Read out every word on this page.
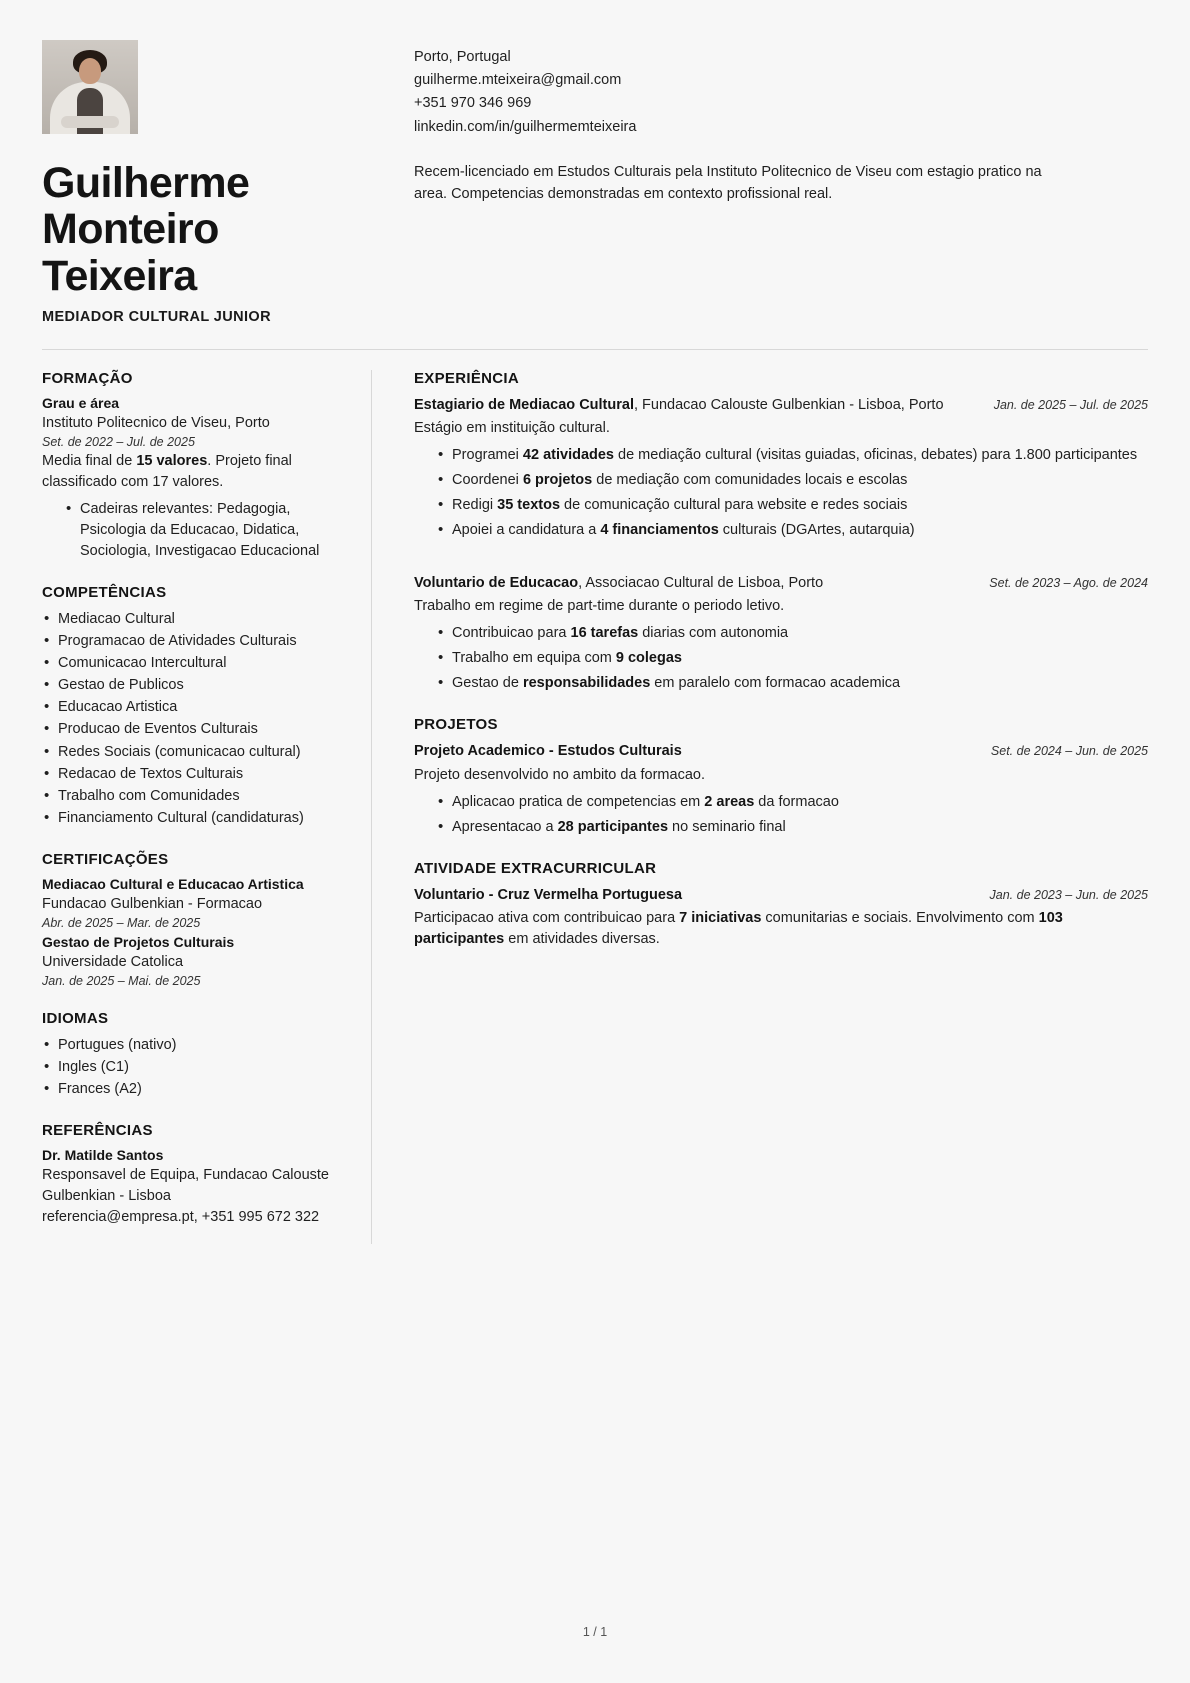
Guilherme Monteiro Teixeira
MEDIADOR CULTURAL JUNIOR
Porto, Portugal
guilherme.mteixeira@gmail.com
+351 970 346 969
linkedin.com/in/guilhermemteixeira
Recem-licenciado em Estudos Culturais pela Instituto Politecnico de Viseu com estagio pratico na area. Competencias demonstradas em contexto profissional real.
FORMAÇÃO
Grau e área
Instituto Politecnico de Viseu, Porto
Set. de 2022 – Jul. de 2025
Media final de 15 valores. Projeto final classificado com 17 valores.
• Cadeiras relevantes: Pedagogia, Psicologia da Educacao, Didatica, Sociologia, Investigacao Educacional
COMPETÊNCIAS
• Mediacao Cultural
• Programacao de Atividades Culturais
• Comunicacao Intercultural
• Gestao de Publicos
• Educacao Artistica
• Producao de Eventos Culturais
• Redes Sociais (comunicacao cultural)
• Redacao de Textos Culturais
• Trabalho com Comunidades
• Financiamento Cultural (candidaturas)
CERTIFICAÇÕES
Mediacao Cultural e Educacao Artistica
Fundacao Gulbenkian - Formacao
Abr. de 2025 – Mar. de 2025
Gestao de Projetos Culturais
Universidade Catolica
Jan. de 2025 – Mai. de 2025
IDIOMAS
• Portugues (nativo)
• Ingles (C1)
• Frances (A2)
REFERÊNCIAS
Dr. Matilde Santos
Responsavel de Equipa, Fundacao Calouste Gulbenkian - Lisboa
referencia@empresa.pt, +351 995 672 322
EXPERIÊNCIA
Estagiario de Mediacao Cultural, Fundacao Calouste Gulbenkian - Lisboa, Porto	Jan. de 2025 – Jul. de 2025
Estágio em instituição cultural.
• Programei 42 atividades de mediação cultural (visitas guiadas, oficinas, debates) para 1.800 participantes
• Coordenei 6 projetos de mediação com comunidades locais e escolas
• Redigi 35 textos de comunicação cultural para website e redes sociais
• Apoiei a candidatura a 4 financiamentos culturais (DGArtes, autarquia)
Voluntario de Educacao, Associacao Cultural de Lisboa, Porto	Set. de 2023 – Ago. de 2024
Trabalho em regime de part-time durante o periodo letivo.
• Contribuicao para 16 tarefas diarias com autonomia
• Trabalho em equipa com 9 colegas
• Gestao de responsabilidades em paralelo com formacao academica
PROJETOS
Projeto Academico - Estudos Culturais	Set. de 2024 – Jun. de 2025
Projeto desenvolvido no ambito da formacao.
• Aplicacao pratica de competencias em 2 areas da formacao
• Apresentacao a 28 participantes no seminario final
ATIVIDADE EXTRACURRICULAR
Voluntario - Cruz Vermelha Portuguesa	Jan. de 2023 – Jun. de 2025
Participacao ativa com contribuicao para 7 iniciativas comunitarias e sociais. Envolvimento com 103 participantes em atividades diversas.
1 / 1
